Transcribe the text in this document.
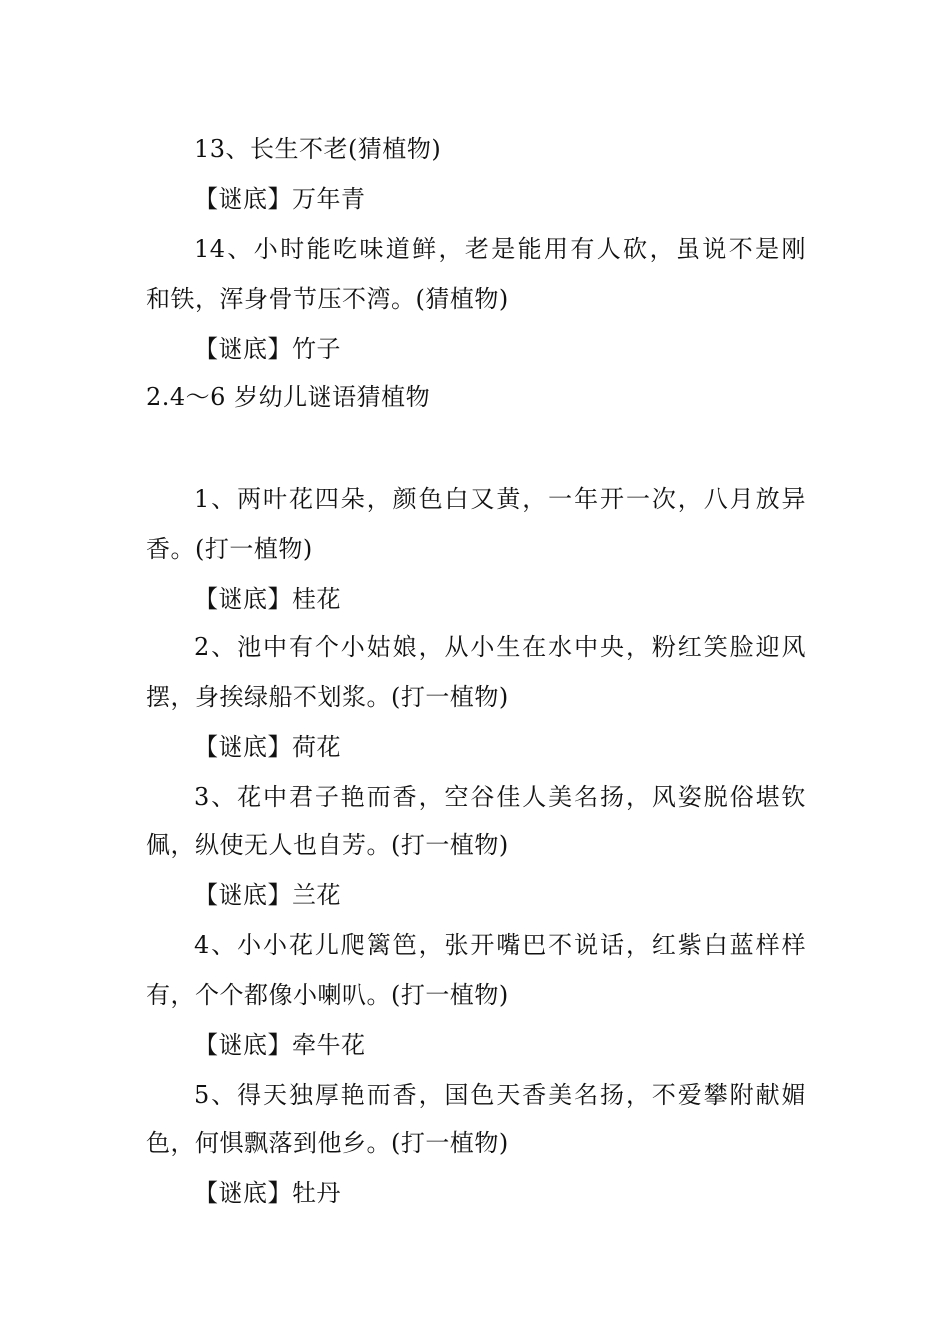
13、长生不老(猜植物)
【谜底】万年青
14、小时能吃味道鲜，老是能用有人砍，虽说不是刚
和铁，浑身骨节压不湾。(猜植物)
【谜底】竹子
2.4～6 岁幼儿谜语猜植物
1、两叶花四朵，颜色白又黄，一年开一次，八月放异
香。(打一植物)
【谜底】桂花
2、池中有个小姑娘，从小生在水中央，粉红笑脸迎风
摆，身挨绿船不划浆。(打一植物)
【谜底】荷花
3、花中君子艳而香，空谷佳人美名扬，风姿脱俗堪钦
佩，纵使无人也自芳。(打一植物)
【谜底】兰花
4、小小花儿爬篱笆，张开嘴巴不说话，红紫白蓝样样
有，个个都像小喇叭。(打一植物)
【谜底】牵牛花
5、得天独厚艳而香，国色天香美名扬，不爱攀附献媚
色，何惧飘落到他乡。(打一植物)
【谜底】牡丹
